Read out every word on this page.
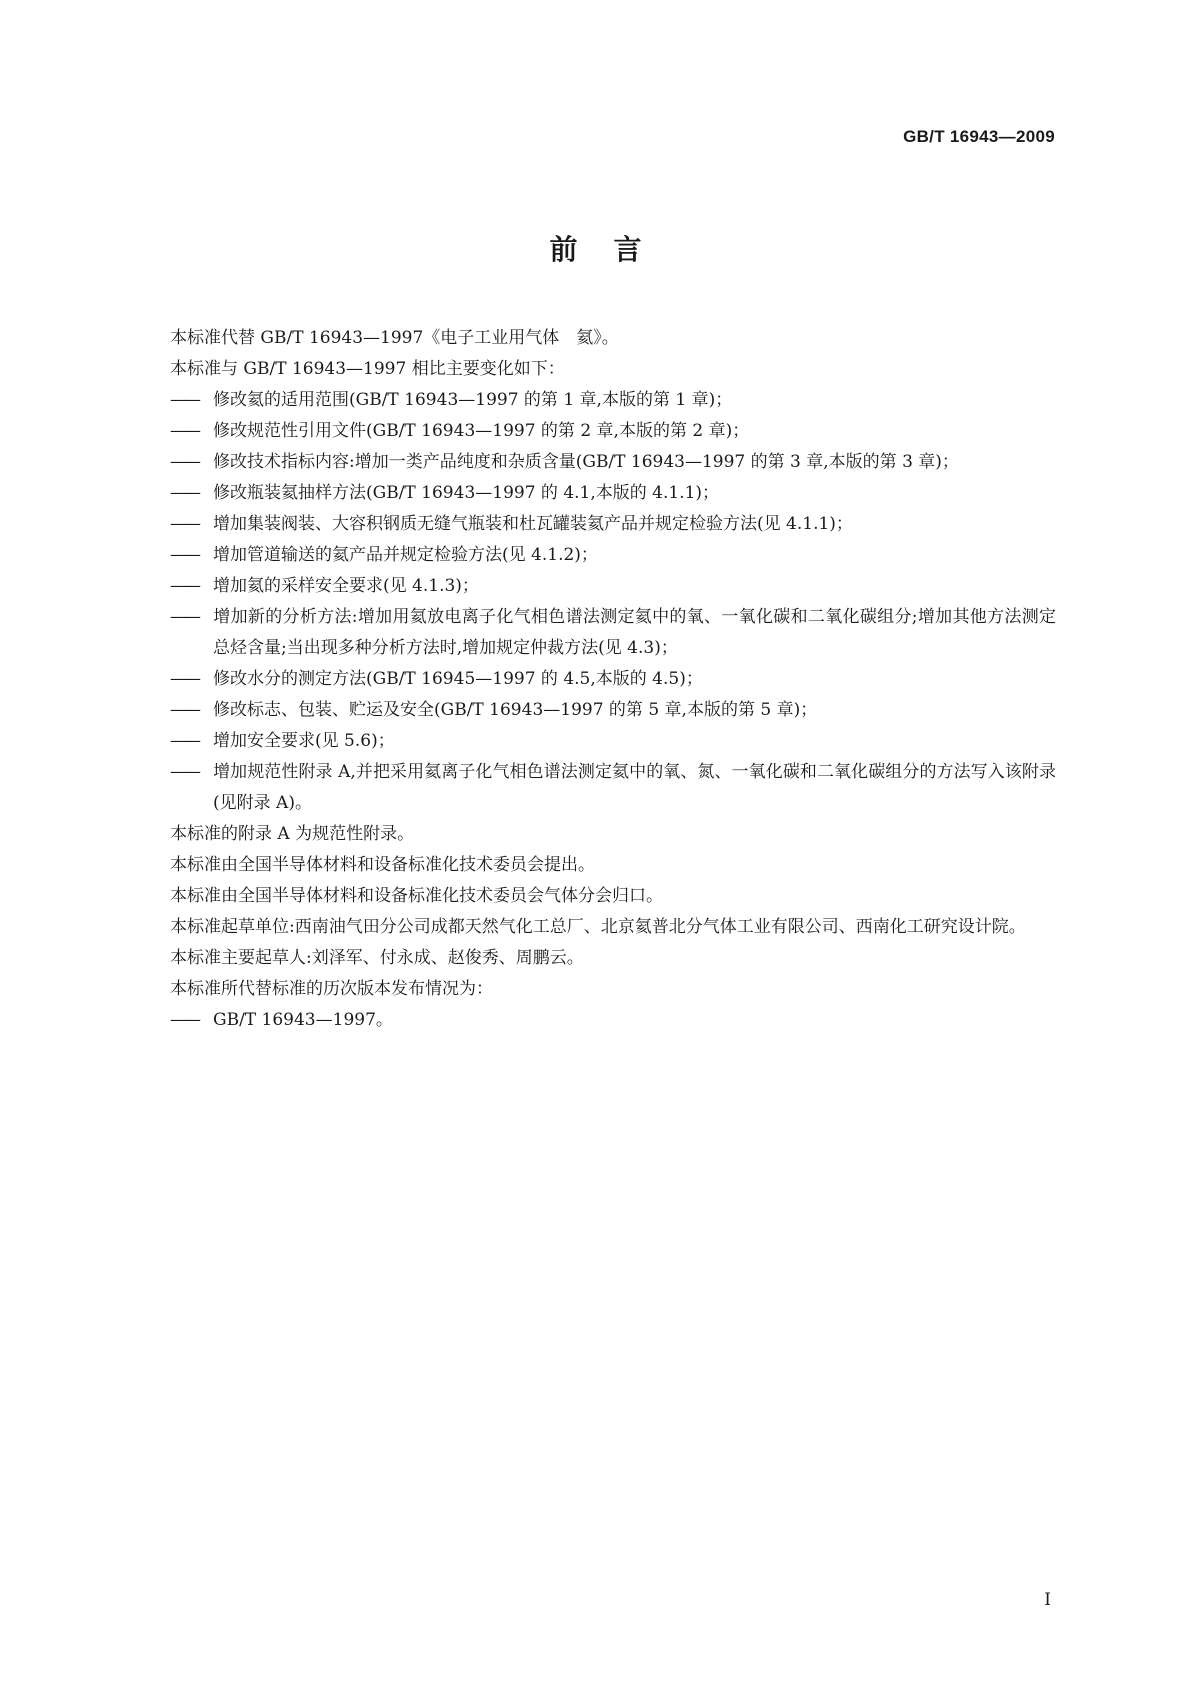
GB/T 16943—2009
前言

本标准代替 GB/T 16943—1997《电子工业用气体　氦》。

本标准与 GB/T 16943—1997 相比主要变化如下：

—— 修改氦的适用范围(GB/T 16943—1997 的第 1 章,本版的第 1 章)；

—— 修改规范性引用文件(GB/T 16943—1997 的第 2 章,本版的第 2 章)；

—— 修改技术指标内容:增加一类产品纯度和杂质含量(GB/T 16943—1997 的第 3 章,本版的第 3 章)；

—— 修改瓶装氦抽样方法(GB/T 16943—1997 的 4.1,本版的 4.1.1)；

—— 增加集装阀装、大容积钢质无缝气瓶装和杜瓦罐装氦产品并规定检验方法(见 4.1.1)；

—— 增加管道输送的氦产品并规定检验方法(见 4.1.2)；

—— 增加氦的采样安全要求(见 4.1.3)；

—— 增加新的分析方法:增加用氦放电离子化气相色谱法测定氦中的氧、一氧化碳和二氧化碳组分;增加其他方法测定总烃含量;当出现多种分析方法时,增加规定仲裁方法(见 4.3)；

—— 修改水分的测定方法(GB/T 16945—1997 的 4.5,本版的 4.5)；

—— 修改标志、包装、贮运及安全(GB/T 16943—1997 的第 5 章,本版的第 5 章)；

—— 增加安全要求(见 5.6)；

—— 增加规范性附录 A,并把采用氦离子化气相色谱法测定氦中的氧、氮、一氧化碳和二氧化碳组分的方法写入该附录(见附录 A)。

本标准的附录 A 为规范性附录。

本标准由全国半导体材料和设备标准化技术委员会提出。

本标准由全国半导体材料和设备标准化技术委员会气体分会归口。

本标准起草单位:西南油气田分公司成都天然气化工总厂、北京氦普北分气体工业有限公司、西南化工研究设计院。

本标准主要起草人:刘泽军、付永成、赵俊秀、周鹏云。

本标准所代替标准的历次版本发布情况为：

—— GB/T 16943—1997。

I
